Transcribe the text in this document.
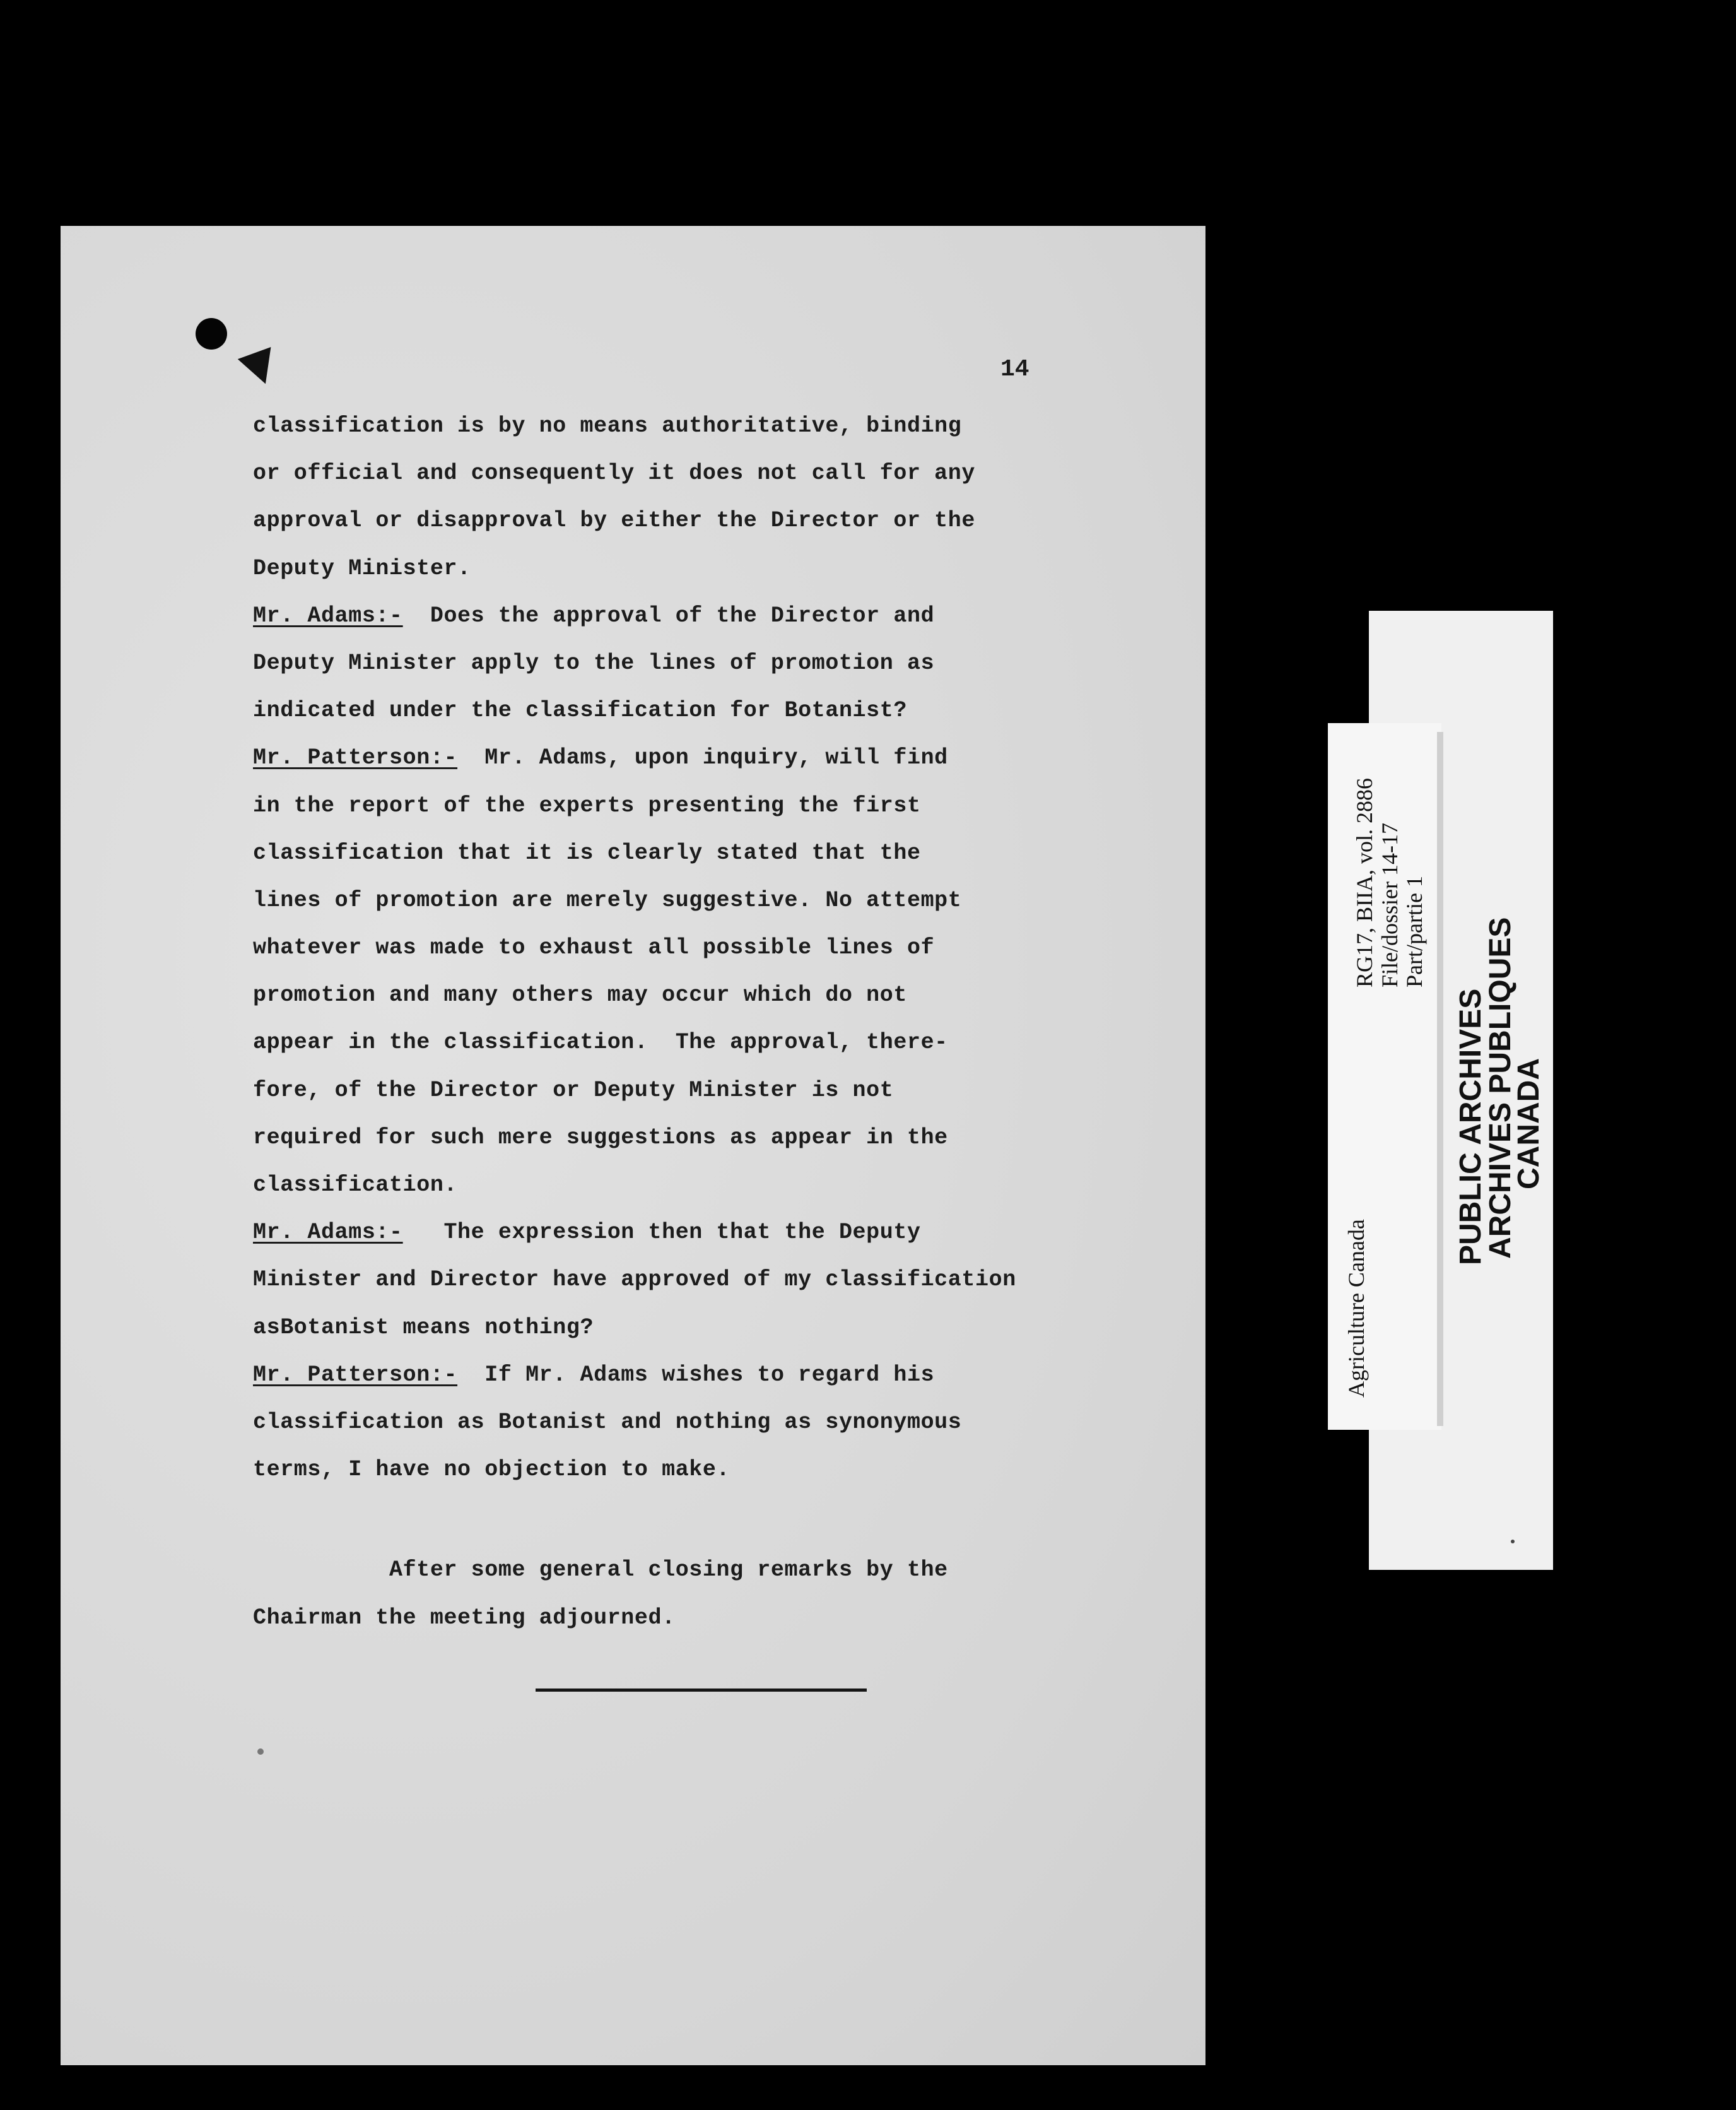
14
classification is by no means authoritative, binding
or official and consequently it does not call for any
approval or disapproval by either the Director or the
Deputy Minister.
Mr. Adams:-  Does the approval of the Director and
Deputy Minister apply to the lines of promotion as
indicated under the classification for Botanist?
Mr. Patterson:-  Mr. Adams, upon inquiry, will find
in the report of the experts presenting the first
classification that it is clearly stated that the
lines of promotion are merely suggestive. No attempt
whatever was made to exhaust all possible lines of
promotion and many others may occur which do not
appear in the classification.  The approval, there-
fore, of the Director or Deputy Minister is not
required for such mere suggestions as appear in the
classification.
Mr. Adams:-   The expression then that the Deputy
Minister and Director have approved of my classification
asBotanist means nothing?
Mr. Patterson:-  If Mr. Adams wishes to regard his
classification as Botanist and nothing as synonymous
terms, I have no objection to make.
After some general closing remarks by the
Chairman the meeting adjourned.
RG17, BIIA, vol. 2886 File/dossier 14-17 Part/partie 1
Agriculture Canada
PUBLIC ARCHIVES
ARCHIVES PUBLIQUES
CANADA
